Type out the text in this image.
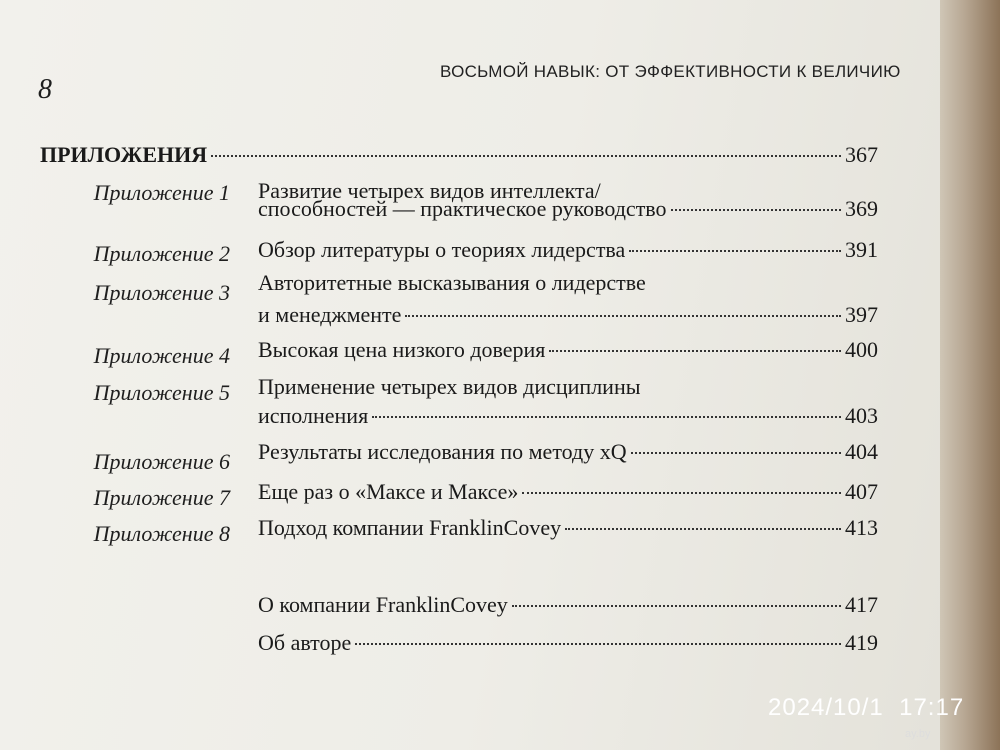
8
ВОСЬМОЙ НАВЫК: ОТ ЭФФЕКТИВНОСТИ К ВЕЛИЧИЮ
ПРИЛОЖЕНИЯ	367
Приложение 1 Развитие четырех видов интеллекта/
способностей — практическое руководство	369
Приложение 2 Обзор литературы о теориях лидерства	391
Приложение 3 Авторитетные высказывания о лидерстве
и менеджменте	397
Приложение 4 Высокая цена низкого доверия	400
Приложение 5 Применение четырех видов дисциплины
исполнения	403
Приложение 6 Результаты исследования по методу xQ	404
Приложение 7 Еще раз о «Максе и Максе»	407
Приложение 8 Подход компании FranklinCovey	413
О компании FranklinCovey	417
Об авторе	419
2024/10/1  17:17
ay.by
